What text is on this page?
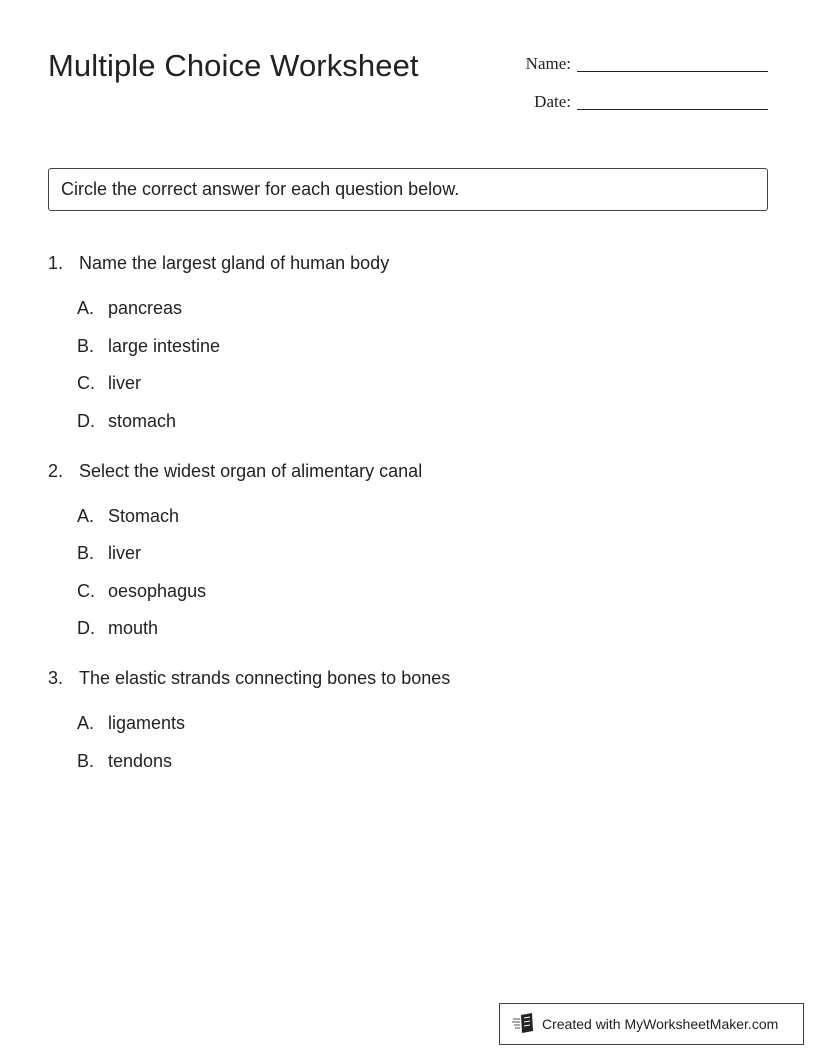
Multiple Choice Worksheet	Name:
Date:
Circle the correct answer for each question below.
1. Name the largest gland of human body
A. pancreas
B. large intestine
C. liver
D. stomach
2. Select the widest organ of alimentary canal
A. Stomach
B. liver
C. oesophagus
D. mouth
3. The elastic strands connecting bones to bones
A. ligaments
B. tendons
Created with MyWorksheetMaker.com
